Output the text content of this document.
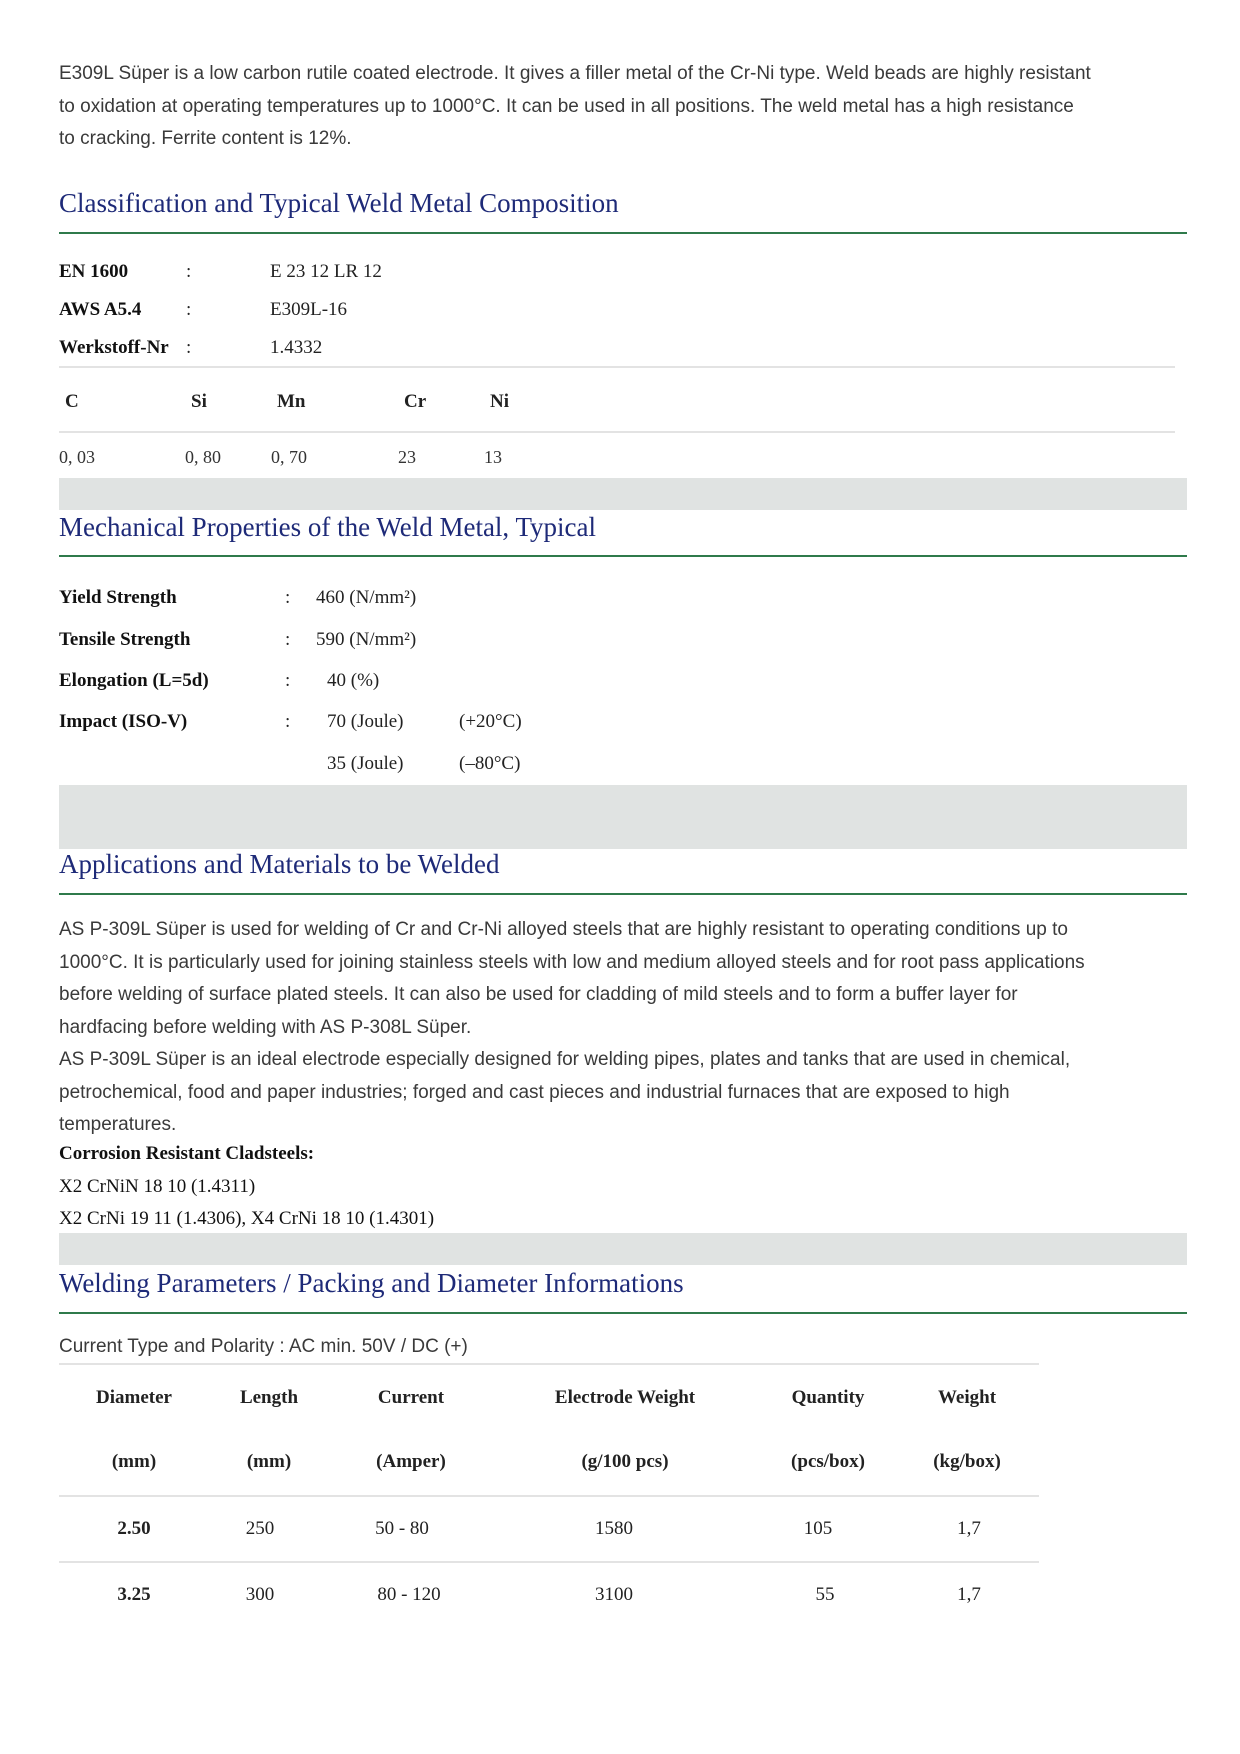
E309L Süper is a low carbon rutile coated electrode. It gives a filler metal of the Cr-Ni type. Weld beads are highly resistant
to oxidation at operating temperatures up to 1000°C. It can be used in all positions. The weld metal has a high resistance
to cracking. Ferrite content is 12%.
Classification and Typical Weld Metal Composition
EN 1600	:	E 23 12 LR 12
AWS A5.4 :	E309L-16
Werkstoff-Nr :	1.4332
C	Si	Mn	Cr	Ni
0, 03	0, 80	0, 70	23	13
Mechanical Properties of the Weld Metal, Typical
Yield Strength	: 460 (N/mm²)
Tensile Strength	: 590 (N/mm²)
Elongation (L=5d)	: 40 (%)
Impact (ISO-V)	: 70 (Joule)	(+20°C)
35 (Joule)	(–80°C)
Applications and Materials to be Welded
AS P-309L Süper is used for welding of Cr and Cr-Ni alloyed steels that are highly resistant to operating conditions up to
1000°C. It is particularly used for joining stainless steels with low and medium alloyed steels and for root pass applications
before welding of surface plated steels. It can also be used for cladding of mild steels and to form a buffer layer for
hardfacing before welding with AS P-308L Süper.
AS P-309L Süper is an ideal electrode especially designed for welding pipes, plates and tanks that are used in chemical,
petrochemical, food and paper industries; forged and cast pieces and industrial furnaces that are exposed to high
temperatures.
Corrosion Resistant Cladsteels:
X2 CrNiN 18 10 (1.4311)
X2 CrNi 19 11 (1.4306), X4 CrNi 18 10 (1.4301)
Welding Parameters / Packing and Diameter Informations
Current Type and Polarity : AC min. 50V / DC (+)
Diameter	Length	Current	Electrode Weight	Quantity	Weight
(mm)	(mm)	(Amper)	(g/100 pcs)	(pcs/box)	(kg/box)
2.50	250	50 - 80	1580	105	1,7
3.25	300	80 - 120	3100	55	1,7
